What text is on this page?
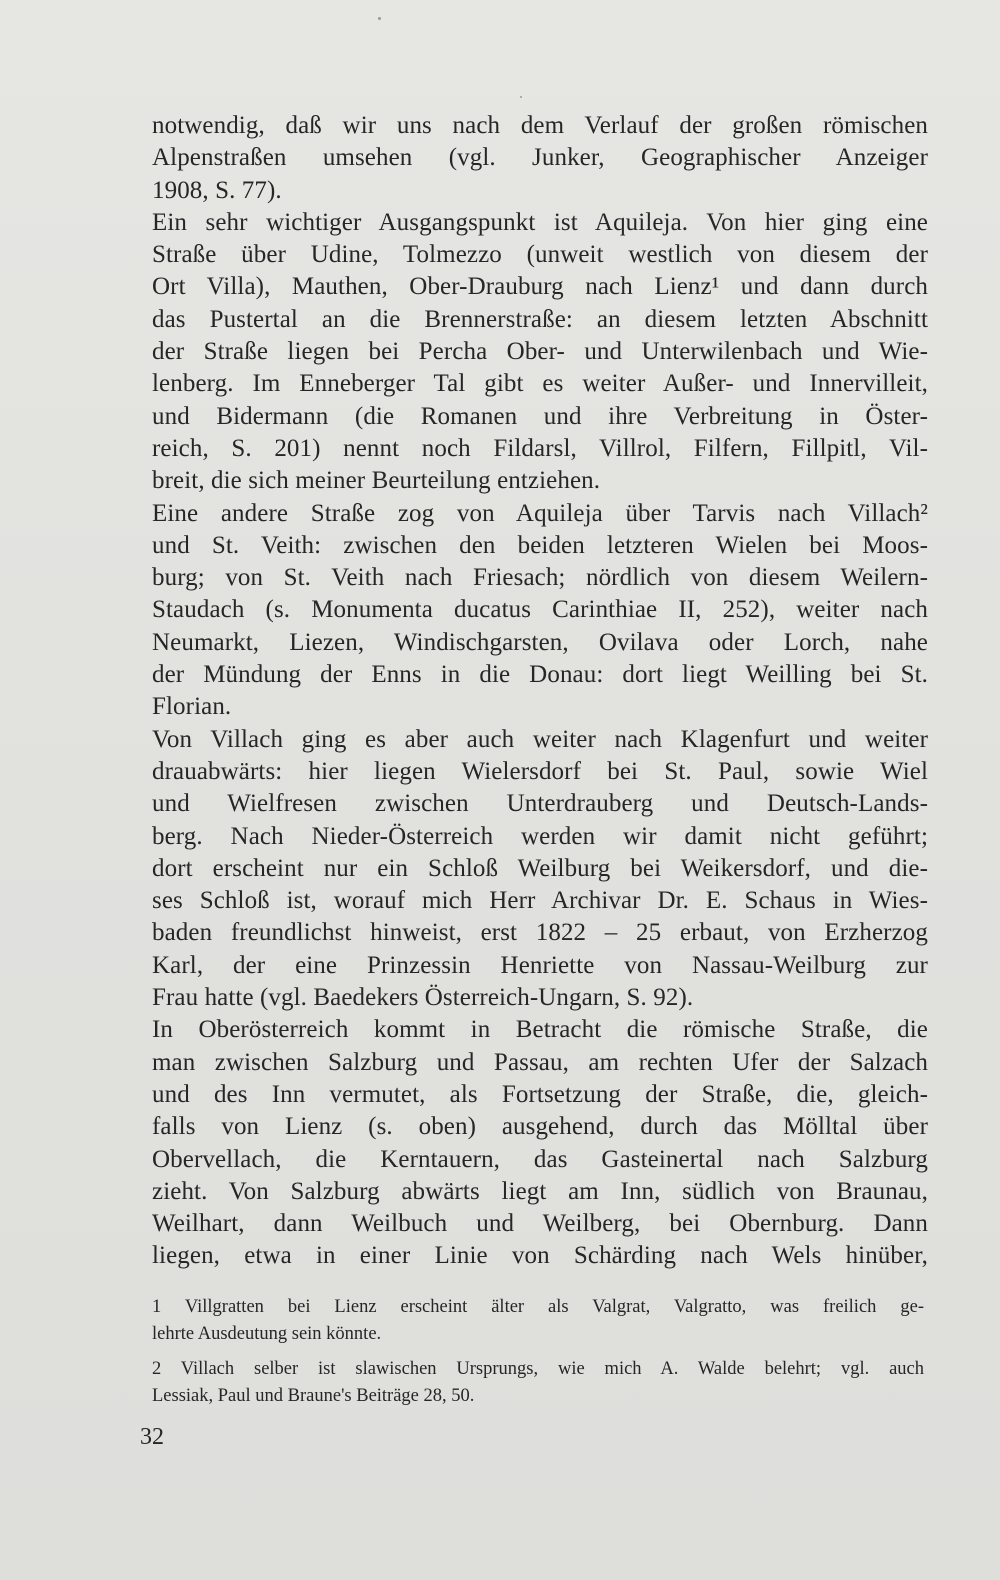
notwendig, daß wir uns nach dem Verlauf der großen römischen
Alpenstraßen umsehen (vgl. Junker, Geographischer Anzeiger
1908, S. 77).
Ein sehr wichtiger Ausgangspunkt ist Aquileja. Von hier ging eine
Straße über Udine, Tolmezzo (unweit westlich von diesem der
Ort Villa), Mauthen, Ober-Drauburg nach Lienz¹ und dann durch
das Pustertal an die Brennerstraße: an diesem letzten Abschnitt
der Straße liegen bei Percha Ober- und Unterwilenbach und Wie-
lenberg. Im Enneberger Tal gibt es weiter Außer- und Innervilleit,
und Bidermann (die Romanen und ihre Verbreitung in Öster-
reich, S. 201) nennt noch Fildarsl, Villrol, Filfern, Fillpitl, Vil-
breit, die sich meiner Beurteilung entziehen.
Eine andere Straße zog von Aquileja über Tarvis nach Villach²
und St. Veith: zwischen den beiden letzteren Wielen bei Moos-
burg; von St. Veith nach Friesach; nördlich von diesem Weilern-
Staudach (s. Monumenta ducatus Carinthiae II, 252), weiter nach
Neumarkt, Liezen, Windischgarsten, Ovilava oder Lorch, nahe
der Mündung der Enns in die Donau: dort liegt Weilling bei St.
Florian.
Von Villach ging es aber auch weiter nach Klagenfurt und weiter
drauabwärts: hier liegen Wielersdorf bei St. Paul, sowie Wiel
und Wielfresen zwischen Unterdrauberg und Deutsch-Lands-
berg. Nach Nieder-Österreich werden wir damit nicht geführt;
dort erscheint nur ein Schloß Weilburg bei Weikersdorf, und die-
ses Schloß ist, worauf mich Herr Archivar Dr. E. Schaus in Wies-
baden freundlichst hinweist, erst 1822 – 25 erbaut, von Erzherzog
Karl, der eine Prinzessin Henriette von Nassau-Weilburg zur
Frau hatte (vgl. Baedekers Österreich-Ungarn, S. 92).
In Oberösterreich kommt in Betracht die römische Straße, die
man zwischen Salzburg und Passau, am rechten Ufer der Salzach
und des Inn vermutet, als Fortsetzung der Straße, die, gleich-
falls von Lienz (s. oben) ausgehend, durch das Mölltal über
Obervellach, die Kerntauern, das Gasteinertal nach Salzburg
zieht. Von Salzburg abwärts liegt am Inn, südlich von Braunau,
Weilhart, dann Weilbuch und Weilberg, bei Obernburg. Dann
liegen, etwa in einer Linie von Schärding nach Wels hinüber,
1 Villgratten bei Lienz erscheint älter als Valgrat, Valgratto, was freilich ge-
lehrte Ausdeutung sein könnte.
2 Villach selber ist slawischen Ursprungs, wie mich A. Walde belehrt; vgl. auch
Lessiak, Paul und Braune's Beiträge 28, 50.
32
